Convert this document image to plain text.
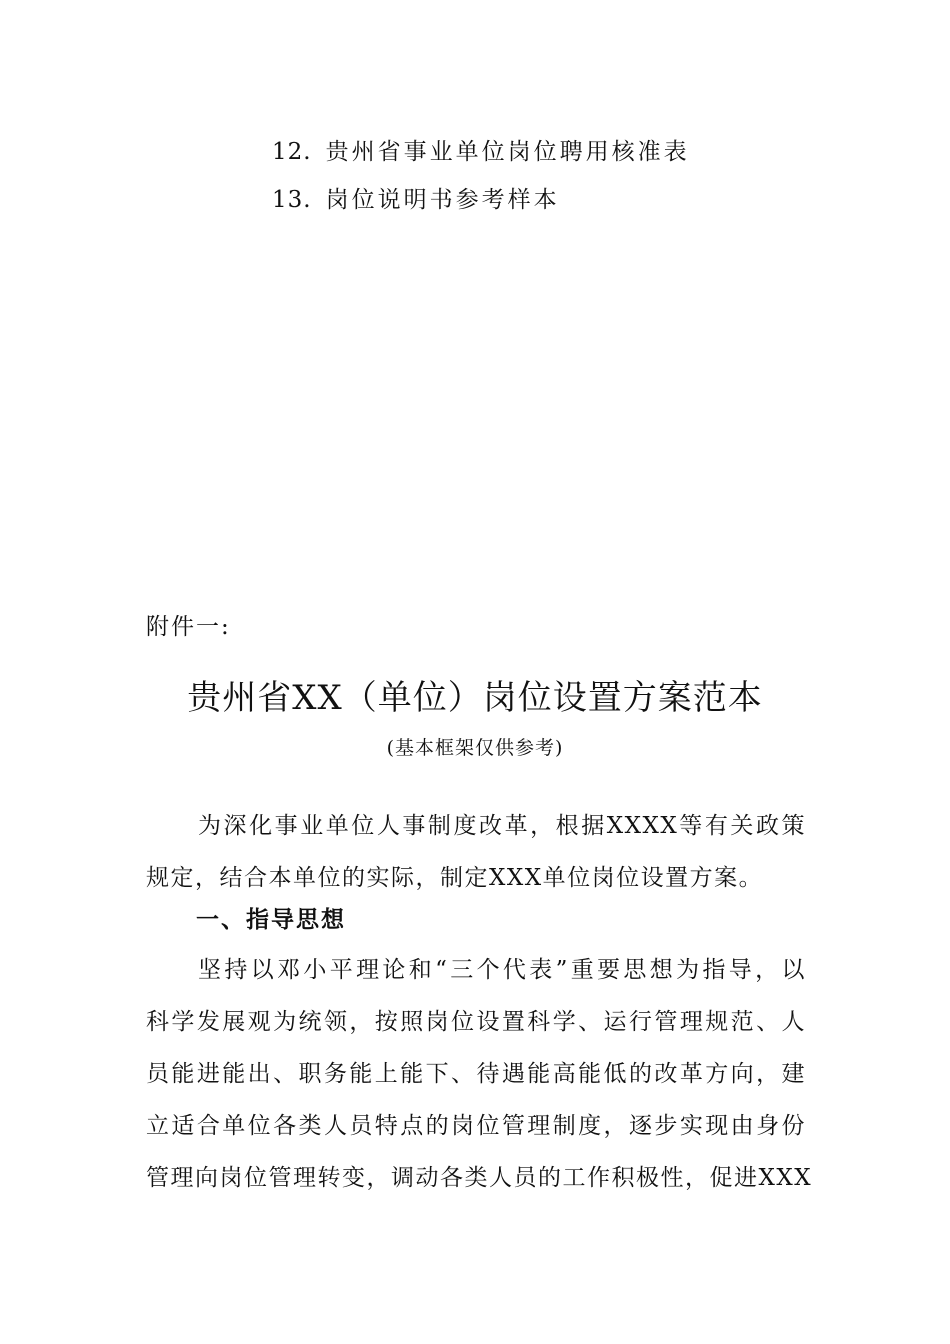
12. 贵州省事业单位岗位聘用核准表
13. 岗位说明书参考样本
附件一:
贵州省XX（单位）岗位设置方案范本
(基本框架仅供参考)
为深化事业单位人事制度改革，根据XXXX等有关政策
规定，结合本单位的实际，制定XXX单位岗位设置方案。
一、指导思想
坚持以邓小平理论和“三个代表”重要思想为指导，以
科学发展观为统领，按照岗位设置科学、运行管理规范、人
员能进能出、职务能上能下、待遇能高能低的改革方向，建
立适合单位各类人员特点的岗位管理制度，逐步实现由身份
管理向岗位管理转变，调动各类人员的工作积极性，促进XXX
